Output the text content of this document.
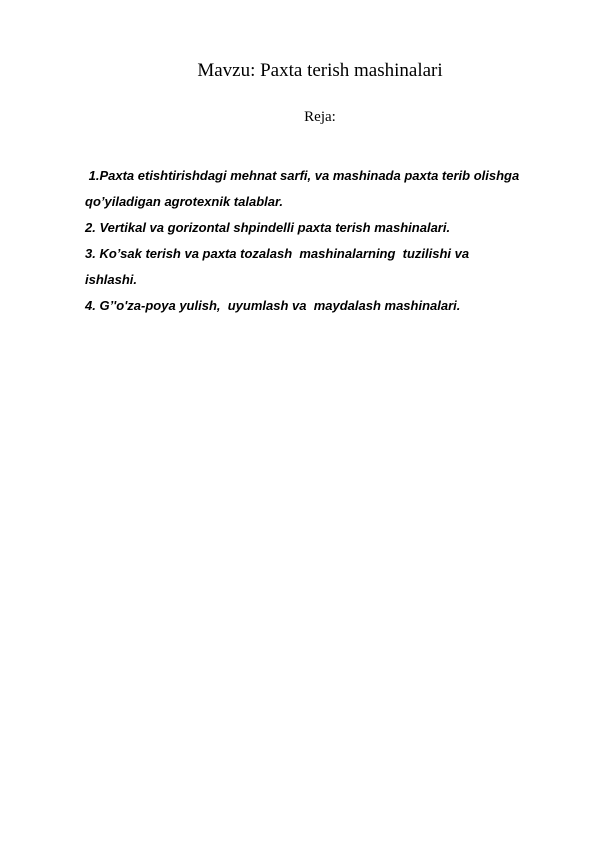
Mavzu: Paxta terish mashinalari
Reja:
1.Paxta etishtirishdagi mehnat sarfi, va mashinada paxta terib olishga
qo’yiladigan agrotexnik talablar.
2. Vertikal va gorizontal shpindelli paxta terish mashinalari.
3. Ko’sak terish va paxta tozalash  mashinalarning  tuzilishi va
ishlashi.
4. G’'o'za-poya yulish,  uyumlash va  maydalash mashinalari.
